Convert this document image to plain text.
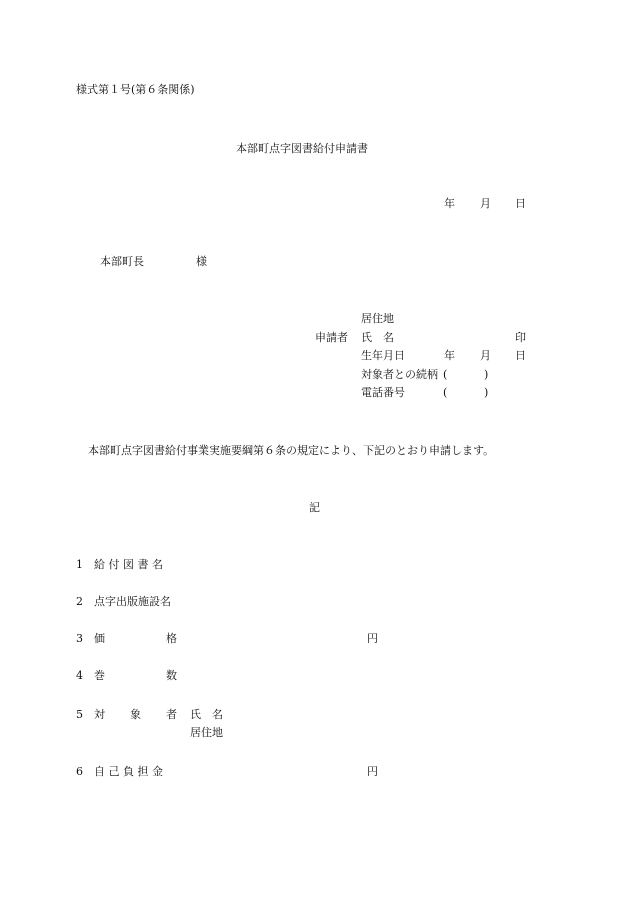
様式第１号(第６条関係)
本部町点字図書給付申請書
年 月 日
本部町長	様
居住地
申請者 氏　名	印
生年月日	年 月 日
対象者との続柄 (	)
電話番号	(	)
本部町点字図書給付事業実施要綱第６条の規定により、下記のとおり申請します。
記
1 給 付 図 書 名
2 点字出版施設名
3 価	格	円
4 巻	数
5 対 象 者 氏　名
居住地
6 自 己 負 担 金	円
